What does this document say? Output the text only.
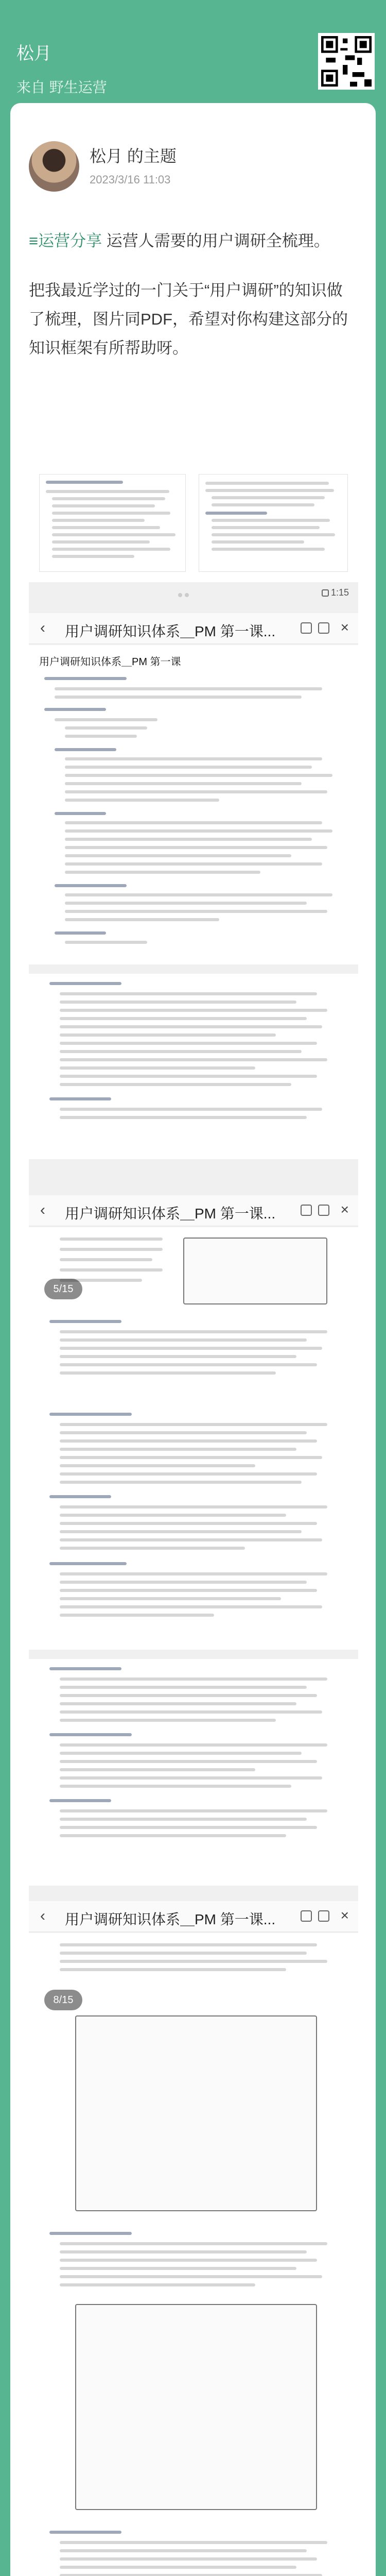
松月
来自 野生运营
松月 的主题
2023/3/16 11:03

≡运营分享 运营人需要的用户调研全梳理。

把我最近学过的一门关于“用户调研”的知识做了梳理，图片同PDF，希望对你构建这部分的知识框架有所帮助呀。

1:15
‹ 用户调研知识体系＿PM 第一课...	×
用户调研知识体系＿PM 第一课
‹ 用户调研知识体系＿PM 第一课...	×
5/15
‹ 用户调研知识体系＿PM 第一课...	×
8/15
